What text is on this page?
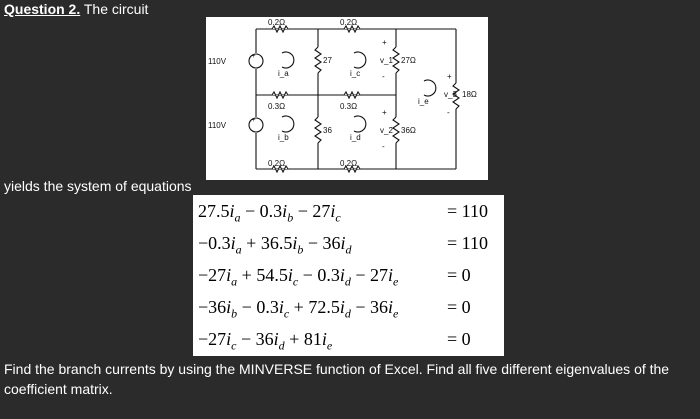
Question 2. The circuit
+
+
110V
110V
0.2Ω	0.2Ω
0.3Ω	0.3Ω
0.2Ω	0.2Ω
27
36
27Ω
36Ω
18Ω
i_a
i_b
i_c
i_d
i_e
v_1
v_2
v_3
+
-
+
-
+
-
yields the system of equations
$27.5i_a - 0.3i_b - 27i_c$	= 110
$-0.3i_a + 36.5i_b - 36i_d$	= 110
$-27i_a + 54.5i_c - 0.3i_d - 27i_e$	= 0
$-36i_b - 0.3i_c + 72.5i_d - 36i_e$	= 0
$-27i_c - 36i_d + 81i_e$	= 0
Find the branch currents by using the MINVERSE function of Excel. Find all five different eigenvalues of the coefficient matrix.
